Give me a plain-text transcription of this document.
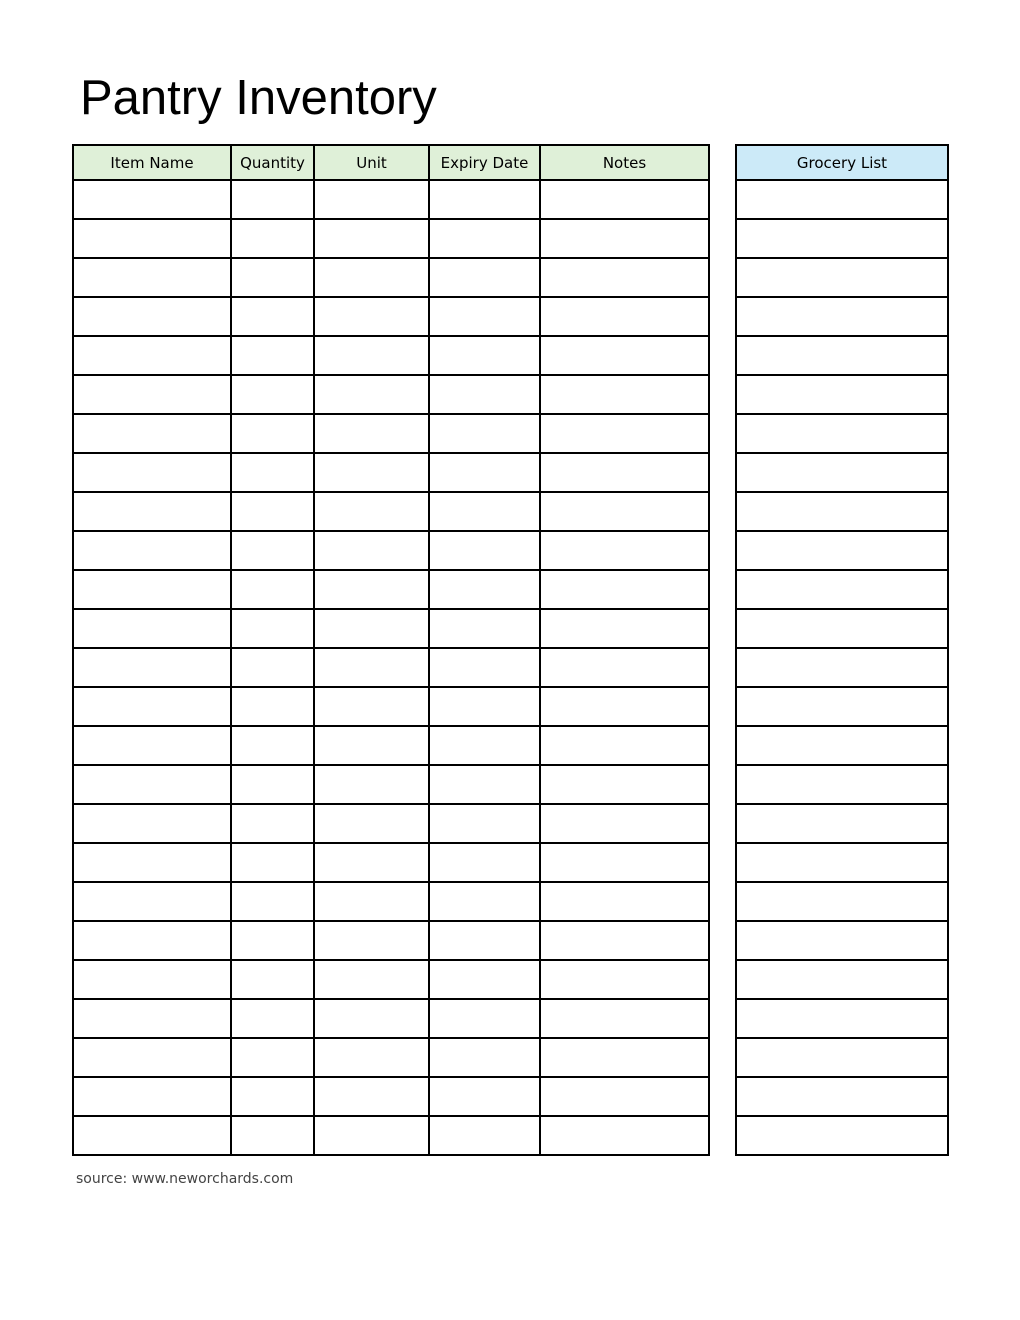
Pantry Inventory
Item Name	Quantity	Unit	Expiry Date	Notes

					Grocery List

source: www.neworchards.com
